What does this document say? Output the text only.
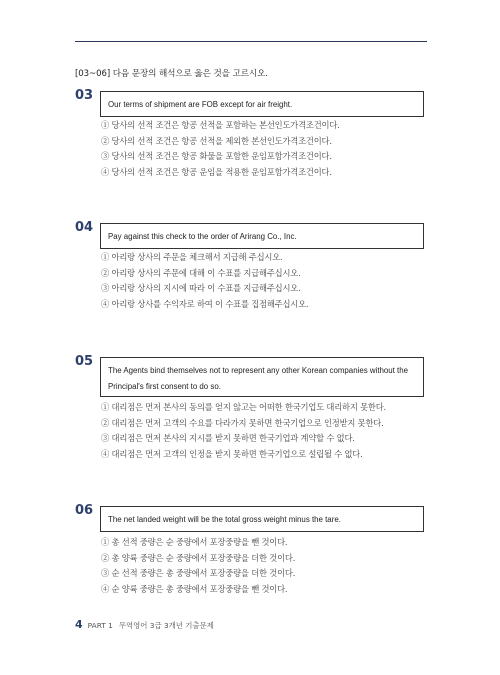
[03~06] 다음 문장의 해석으로 옳은 것을 고르시오.
03
Our terms of shipment are FOB except for air freight.
① 당사의 선적 조건은 항공 선적을 포함하는 본선인도가격조건이다.
② 당사의 선적 조건은 항공 선적을 제외한 본선인도가격조건이다.
③ 당사의 선적 조건은 항공 화물을 포함한 운임포함가격조건이다.
④ 당사의 선적 조건은 항공 운임을 적용한 운임포함가격조건이다.
04
Pay against this check to the order of Arirang Co., Inc.
① 아리랑 상사의 주문을 체크해서 지급해 주십시오.
② 아리랑 상사의 주문에 대해 이 수표를 지급해주십시오.
③ 아리랑 상사의 지시에 따라 이 수표를 지급해주십시오.
④ 아리랑 상사를 수익자로 하여 이 수표를 집점해주십시오.
05
The Agents bind themselves not to represent any other Korean companies without the Principal's first consent to do so.
① 대리점은 먼저 본사의 동의를 얻지 않고는 어떠한 한국기업도 대리하지 못한다.
② 대리점은 먼저 고객의 수요를 다라가지 못하면 한국기업으로 인정받지 못한다.
③ 대리점은 먼저 본사의 지시를 받지 못하면 한국기업과 계약할 수 없다.
④ 대리점은 먼저 고객의 인정을 받지 못하면 한국기업으로 설립될 수 없다.
06
The net landed weight will be the total gross weight minus the tare.
① 총 선적 중량은 순 중량에서 포장중량을 뺀 것이다.
② 총 양륙 중량은 순 중량에서 포장중량을 더한 것이다.
③ 순 선적 중량은 총 중량에서 포장중량을 더한 것이다.
④ 순 양륙 중량은 총 중량에서 포장중량을 뺀 것이다.
4 PART 1 무역영어 3급 3개년 기출문제
